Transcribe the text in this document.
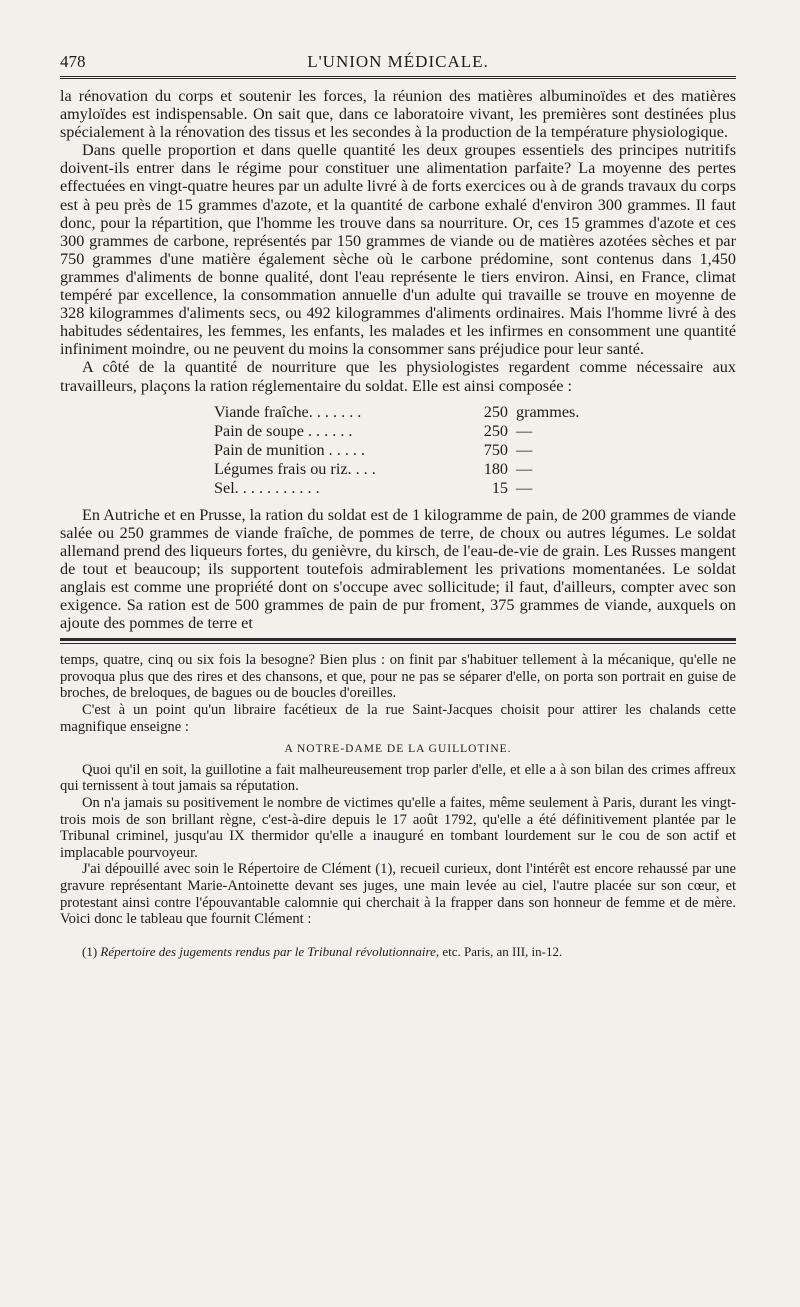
478	L'UNION MÉDICALE.

la rénovation du corps et soutenir les forces, la réunion des matières albuminoïdes et des matières amyloïdes est indispensable. On sait que, dans ce laboratoire vivant, les premières sont destinées plus spécialement à la rénovation des tissus et les secondes à la production de la température physiologique.

Dans quelle proportion et dans quelle quantité les deux groupes essentiels des principes nutritifs doivent-ils entrer dans le régime pour constituer une alimentation parfaite? La moyenne des pertes effectuées en vingt-quatre heures par un adulte livré à de forts exercices ou à de grands travaux du corps est à peu près de 15 grammes d'azote, et la quantité de carbone exhalé d'environ 300 grammes. Il faut donc, pour la répartition, que l'homme les trouve dans sa nourriture. Or, ces 15 grammes d'azote et ces 300 grammes de carbone, représentés par 150 grammes de viande ou de matières azotées sèches et par 750 grammes d'une matière également sèche où le carbone prédomine, sont contenus dans 1,450 grammes d'aliments de bonne qualité, dont l'eau représente le tiers environ. Ainsi, en France, climat tempéré par excellence, la consommation annuelle d'un adulte qui travaille se trouve en moyenne de 328 kilogrammes d'aliments secs, ou 492 kilogrammes d'aliments ordinaires. Mais l'homme livré à des habitudes sédentaires, les femmes, les enfants, les malades et les infirmes en consomment une quantité infiniment moindre, ou ne peuvent du moins la consommer sans préjudice pour leur santé.

A côté de la quantité de nourriture que les physiologistes regardent comme nécessaire aux travailleurs, plaçons la ration réglementaire du soldat. Elle est ainsi composée :

Viande fraîche. . . . . . .	250 grammes.
Pain de soupe . . . . . .	250 —
Pain de munition . . . . .	750 —
Légumes frais ou riz. . . .	180 —
Sel. . . . . . . . . . .	15 —

En Autriche et en Prusse, la ration du soldat est de 1 kilogramme de pain, de 200 grammes de viande salée ou 250 grammes de viande fraîche, de pommes de terre, de choux ou autres légumes. Le soldat allemand prend des liqueurs fortes, du genièvre, du kirsch, de l'eau-de-vie de grain. Les Russes mangent de tout et beaucoup; ils supportent toutefois admirablement les privations momentanées. Le soldat anglais est comme une propriété dont on s'occupe avec sollicitude; il faut, d'ailleurs, compter avec son exigence. Sa ration est de 500 grammes de pain de pur froment, 375 grammes de viande, auxquels on ajoute des pommes de terre et

temps, quatre, cinq ou six fois la besogne? Bien plus : on finit par s'habituer tellement à la mécanique, qu'elle ne provoqua plus que des rires et des chansons, et que, pour ne pas se séparer d'elle, on porta son portrait en guise de broches, de breloques, de bagues ou de boucles d'oreilles.

C'est à un point qu'un libraire facétieux de la rue Saint-Jacques choisit pour attirer les chalands cette magnifique enseigne :

A NOTRE-DAME DE LA GUILLOTINE.

Quoi qu'il en soit, la guillotine a fait malheureusement trop parler d'elle, et elle a à son bilan des crimes affreux qui ternissent à tout jamais sa réputation.

On n'a jamais su positivement le nombre de victimes qu'elle a faites, même seulement à Paris, durant les vingt-trois mois de son brillant règne, c'est-à-dire depuis le 17 août 1792, qu'elle a été définitivement plantée par le Tribunal criminel, jusqu'au IX thermidor qu'elle a inauguré en tombant lourdement sur le cou de son actif et implacable pourvoyeur.

J'ai dépouillé avec soin le Répertoire de Clément (1), recueil curieux, dont l'intérêt est encore rehaussé par une gravure représentant Marie-Antoinette devant ses juges, une main levée au ciel, l'autre placée sur son cœur, et protestant ainsi contre l'épouvantable calomnie qui cherchait à la frapper dans son honneur de femme et de mère. Voici donc le tableau que fournit Clément :

(1) Répertoire des jugements rendus par le Tribunal révolutionnaire, etc. Paris, an III, in-12.
